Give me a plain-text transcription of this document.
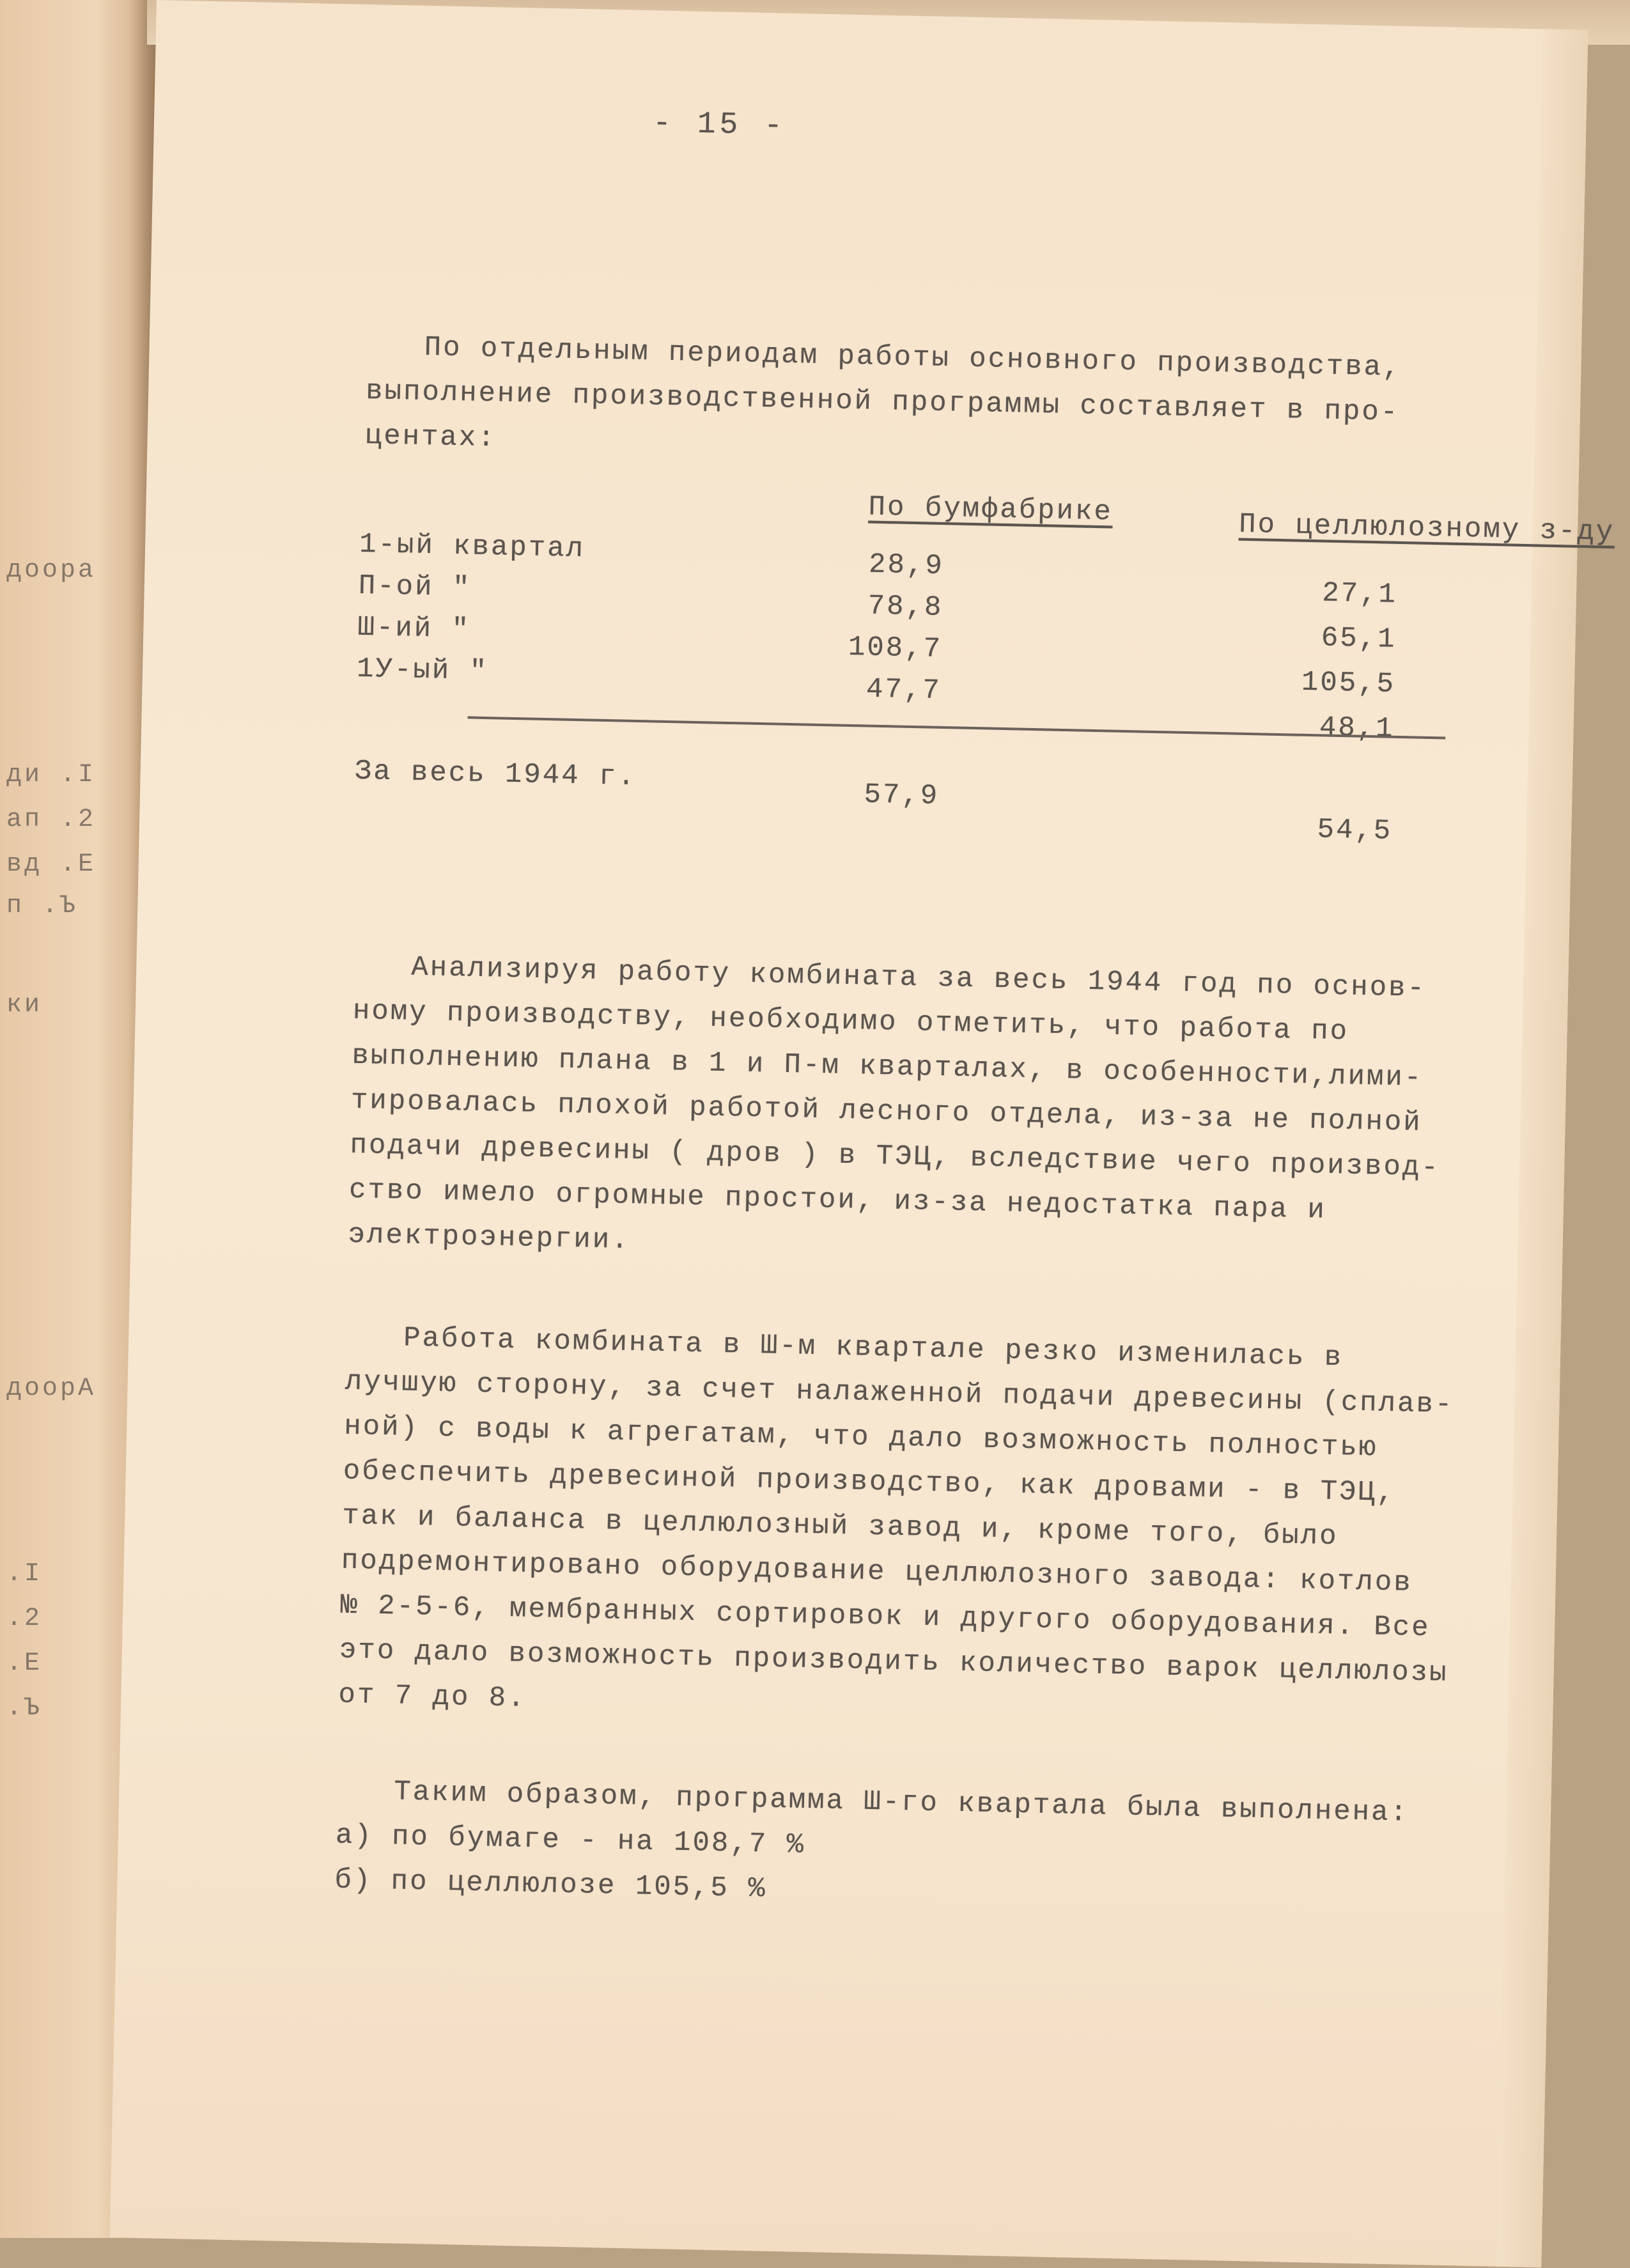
- 15 -

По отдельным периодам работы основного производства,

выполнение производственной программы составляет в про-

центах:

По бумфабрике	По целлюлозному з-ду
1-ый квартал
28,9
27,1
П-ой "
78,8
65,1
Ш-ий "
108,7
105,5
1У-ый "
47,7
48,1
За весь 1944 г.
57,9
54,5

Анализируя работу комбината за весь 1944 год по основ-

ному производству, необходимо отметить, что работа по

выполнению плана в 1 и П-м кварталах, в особенности,лими-

тировалась плохой работой лесного отдела, из-за не полной

подачи древесины ( дров ) в ТЭЦ, вследствие чего производ-

ство имело огромные простои, из-за недостатка пара и

электроэнергии.

Работа комбината в Ш-м квартале резко изменилась в

лучшую сторону, за счет налаженной подачи древесины (сплав-

ной) с воды к агрегатам, что дало возможность полностью

обеспечить древесиной производство, как дровами - в ТЭЦ,

так и баланса в целлюлозный завод и, кроме того, было

подремонтировано оборудование целлюлозного завода: котлов

№ 2-5-6, мембранных сортировок и другого оборудования. Все

это дало возможность производить количество варок целлюлозы

от 7 до 8.

Таким образом, программа Ш-го квартала была выполнена:

а) по бумаге - на 108,7 %

б) по целлюлозе 105,5 %

доора
ди .І
ап .2
вд .Е
п .Ъ
ки
доорА
.І
.2
.Е
.Ъ
